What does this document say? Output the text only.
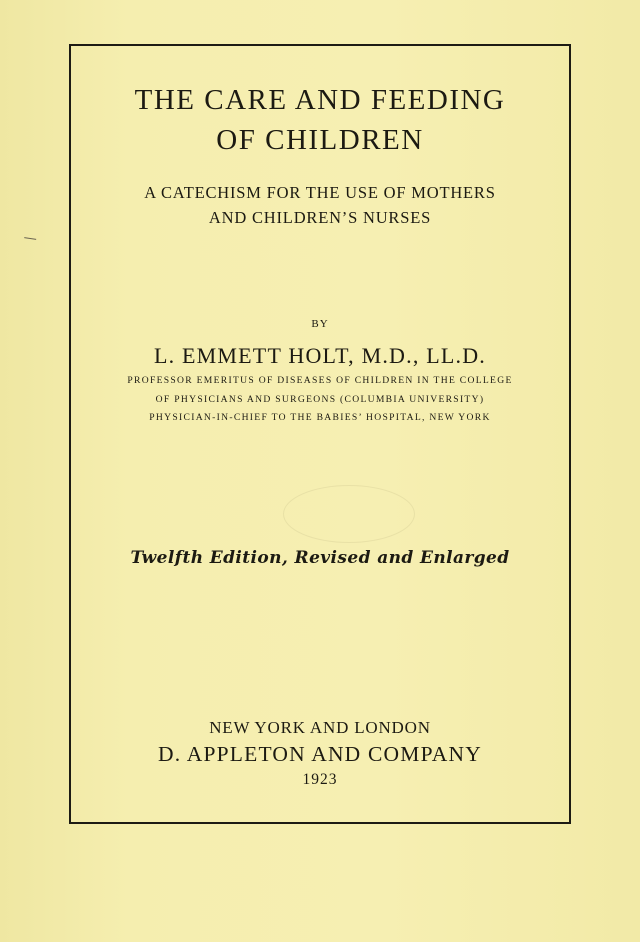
THE CARE AND FEEDING
OF CHILDREN
A CATECHISM FOR THE USE OF MOTHERS
AND CHILDREN’S NURSES
BY
L. EMMETT HOLT, M.D., LL.D.
PROFESSOR EMERITUS OF DISEASES OF CHILDREN IN THE COLLEGE
OF PHYSICIANS AND SURGEONS (COLUMBIA UNIVERSITY)
PHYSICIAN-IN-CHIEF TO THE BABIES’ HOSPITAL, NEW YORK
Twelfth Edition, Revised and Enlarged
NEW YORK AND LONDON
D. APPLETON AND COMPANY
1923
